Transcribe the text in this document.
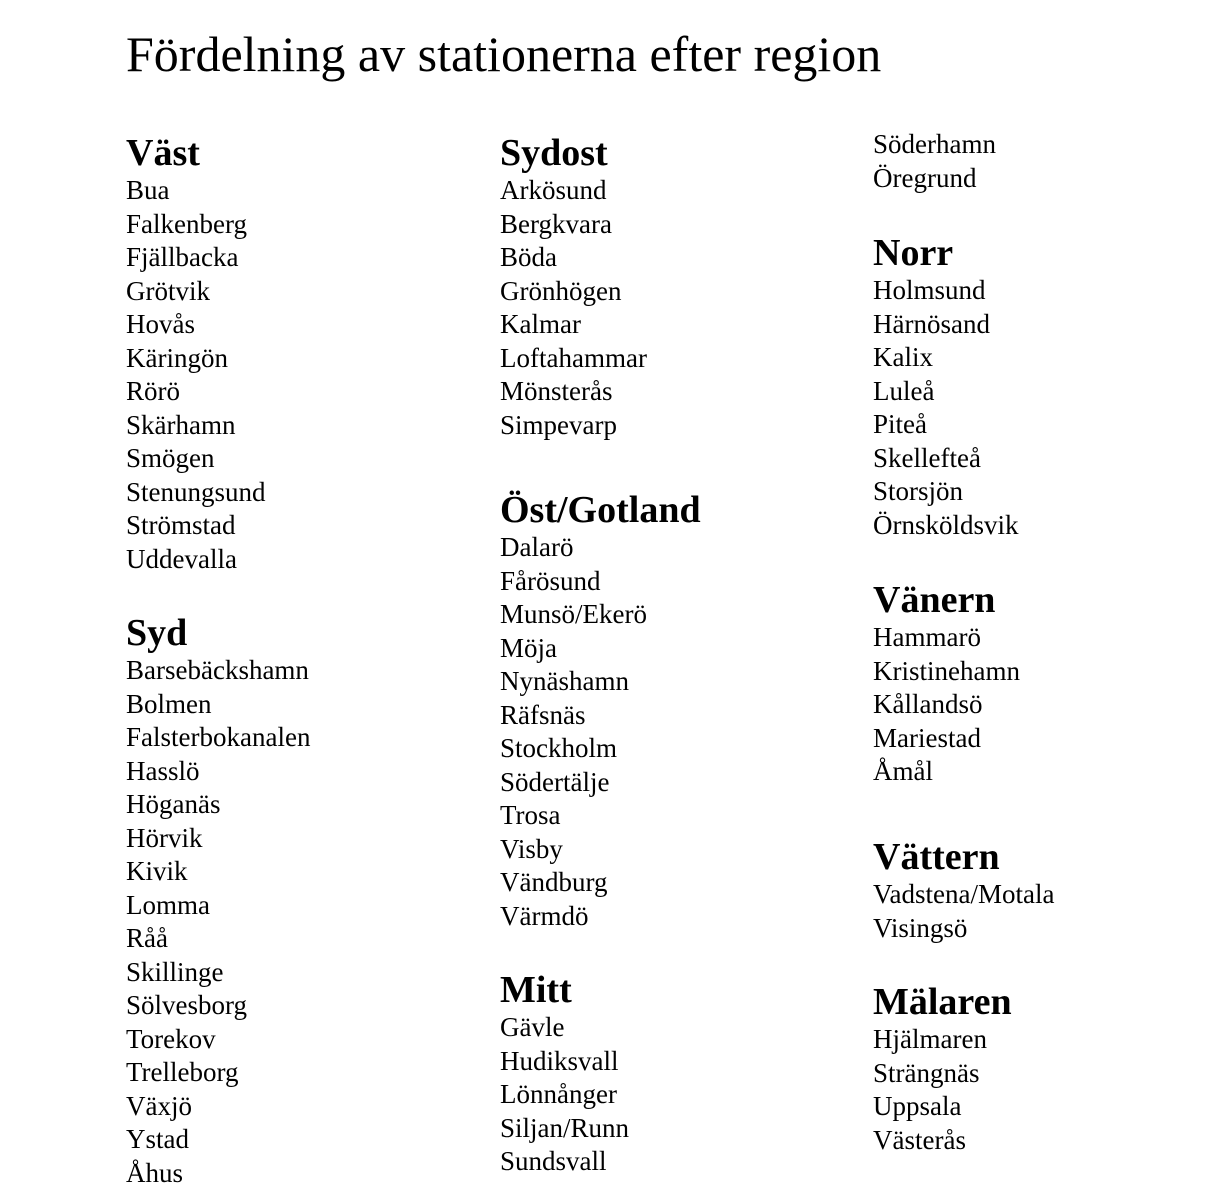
Fördelning av stationerna efter region
Väst
Bua
Falkenberg
Fjällbacka
Grötvik
Hovås
Käringön
Rörö
Skärhamn
Smögen
Stenungsund
Strömstad
Uddevalla
Syd
Barsebäckshamn
Bolmen
Falsterbokanalen
Hasslö
Höganäs
Hörvik
Kivik
Lomma
Råå
Skillinge
Sölvesborg
Torekov
Trelleborg
Växjö
Ystad
Åhus
Sydost
Arkösund
Bergkvara
Böda
Grönhögen
Kalmar
Loftahammar
Mönsterås
Simpevarp
Öst/Gotland
Dalarö
Fårösund
Munsö/Ekerö
Möja
Nynäshamn
Räfsnäs
Stockholm
Södertälje
Trosa
Visby
Vändburg
Värmdö
Mitt
Gävle
Hudiksvall
Lönnånger
Siljan/Runn
Sundsvall
Söderhamn
Öregrund
Norr
Holmsund
Härnösand
Kalix
Luleå
Piteå
Skellefteå
Storsjön
Örnsköldsvik
Vänern
Hammarö
Kristinehamn
Kållandsö
Mariestad
Åmål
Vättern
Vadstena/Motala
Visingsö
Mälaren
Hjälmaren
Strängnäs
Uppsala
Västerås
